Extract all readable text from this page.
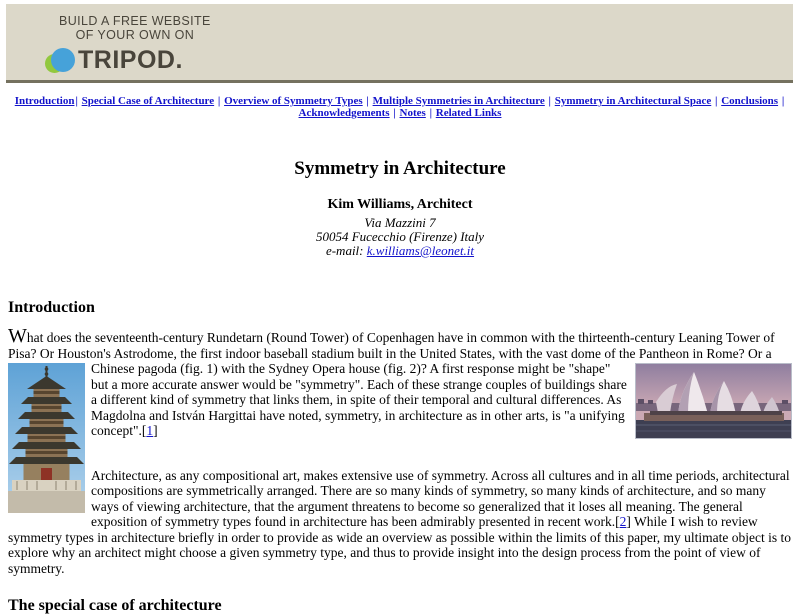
BUILD A FREE WEBSITE
OF YOUR OWN ON
TRIPOD.
Introduction| Special Case of Architecture | Overview of Symmetry Types | Multiple Symmetries in Architecture | Symmetry in Architectural Space | Conclusions | Acknowledgements | Notes | Related Links
Symmetry in Architecture
Kim Williams, Architect
Via Mazzini 7
50054 Fucecchio (Firenze) Italy
e-mail: k.williams@leonet.it
Introduction

What does the seventeenth-century Rundetarn (Round Tower) of Copenhagen have in common with the thirteenth-century Leaning Tower of Pisa? Or Houston's Astrodome, the first indoor baseball stadium built in the United States, with the vast dome of the Pantheon in Rome? Or a Chinese pagoda (fig. 1)
with the Sydney Opera house (fig. 2)? A first response might be "shape" but a more accurate answer would be "symmetry". Each of these strange couples of buildings share a different kind of symmetry that links them, in spite of their temporal and cultural differences. As Magdolna and István Hargittai have noted, symmetry, in architecture as in other arts, is "a unifying concept".[1]

Architecture, as any compositional art, makes extensive use of symmetry. Across all cultures and in all time periods, architectural compositions are symmetrically arranged. There are so many kinds of symmetry, so many kinds of architecture, and so many ways of viewing architecture, that the argument threatens to become so generalized that it loses all meaning. The general exposition of symmetry types found in architecture has been admirably presented in recent work.[2] While I wish to review symmetry types in architecture briefly in order to provide as wide an overview as possible within the limits of this paper, my ultimate object is to explore why an architect might choose a given symmetry type, and thus to provide insight into the design process from the point of view of symmetry.

The special case of architecture
